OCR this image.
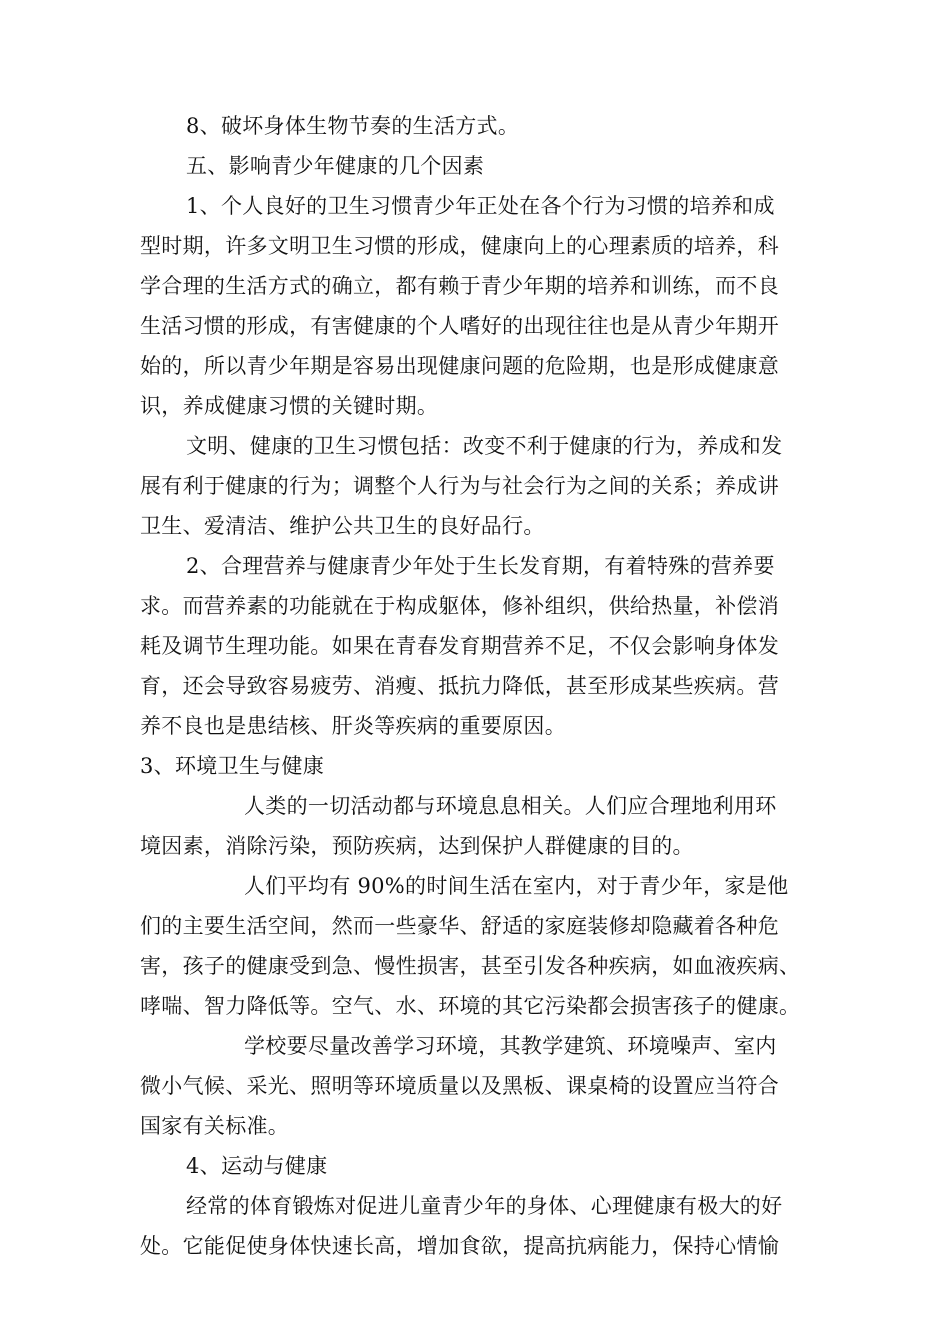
8、破坏身体生物节奏的生活方式。
五、影响青少年健康的几个因素
1、个人良好的卫生习惯青少年正处在各个行为习惯的培养和成
型时期，许多文明卫生习惯的形成，健康向上的心理素质的培养，科
学合理的生活方式的确立，都有赖于青少年期的培养和训练，而不良
生活习惯的形成，有害健康的个人嗜好的出现往往也是从青少年期开
始的，所以青少年期是容易出现健康问题的危险期，也是形成健康意
识，养成健康习惯的关键时期。
文明、健康的卫生习惯包括：改变不利于健康的行为，养成和发
展有利于健康的行为；调整个人行为与社会行为之间的关系；养成讲
卫生、爱清洁、维护公共卫生的良好品行。
2、合理营养与健康青少年处于生长发育期，有着特殊的营养要
求。而营养素的功能就在于构成躯体，修补组织，供给热量，补偿消
耗及调节生理功能。如果在青春发育期营养不足，不仅会影响身体发
育，还会导致容易疲劳、消瘦、抵抗力降低，甚至形成某些疾病。营
养不良也是患结核、肝炎等疾病的重要原因。
3、环境卫生与健康
人类的一切活动都与环境息息相关。人们应合理地利用环
境因素，消除污染，预防疾病，达到保护人群健康的目的。
人们平均有 90%的时间生活在室内，对于青少年，家是他
们的主要生活空间，然而一些豪华、舒适的家庭装修却隐藏着各种危
害，孩子的健康受到急、慢性损害，甚至引发各种疾病，如血液疾病、
哮喘、智力降低等。空气、水、环境的其它污染都会损害孩子的健康。
学校要尽量改善学习环境，其教学建筑、环境噪声、室内
微小气候、采光、照明等环境质量以及黑板、课桌椅的设置应当符合
国家有关标准。
4、运动与健康
经常的体育锻炼对促进儿童青少年的身体、心理健康有极大的好
处。它能促使身体快速长高，增加食欲，提高抗病能力，保持心情愉
